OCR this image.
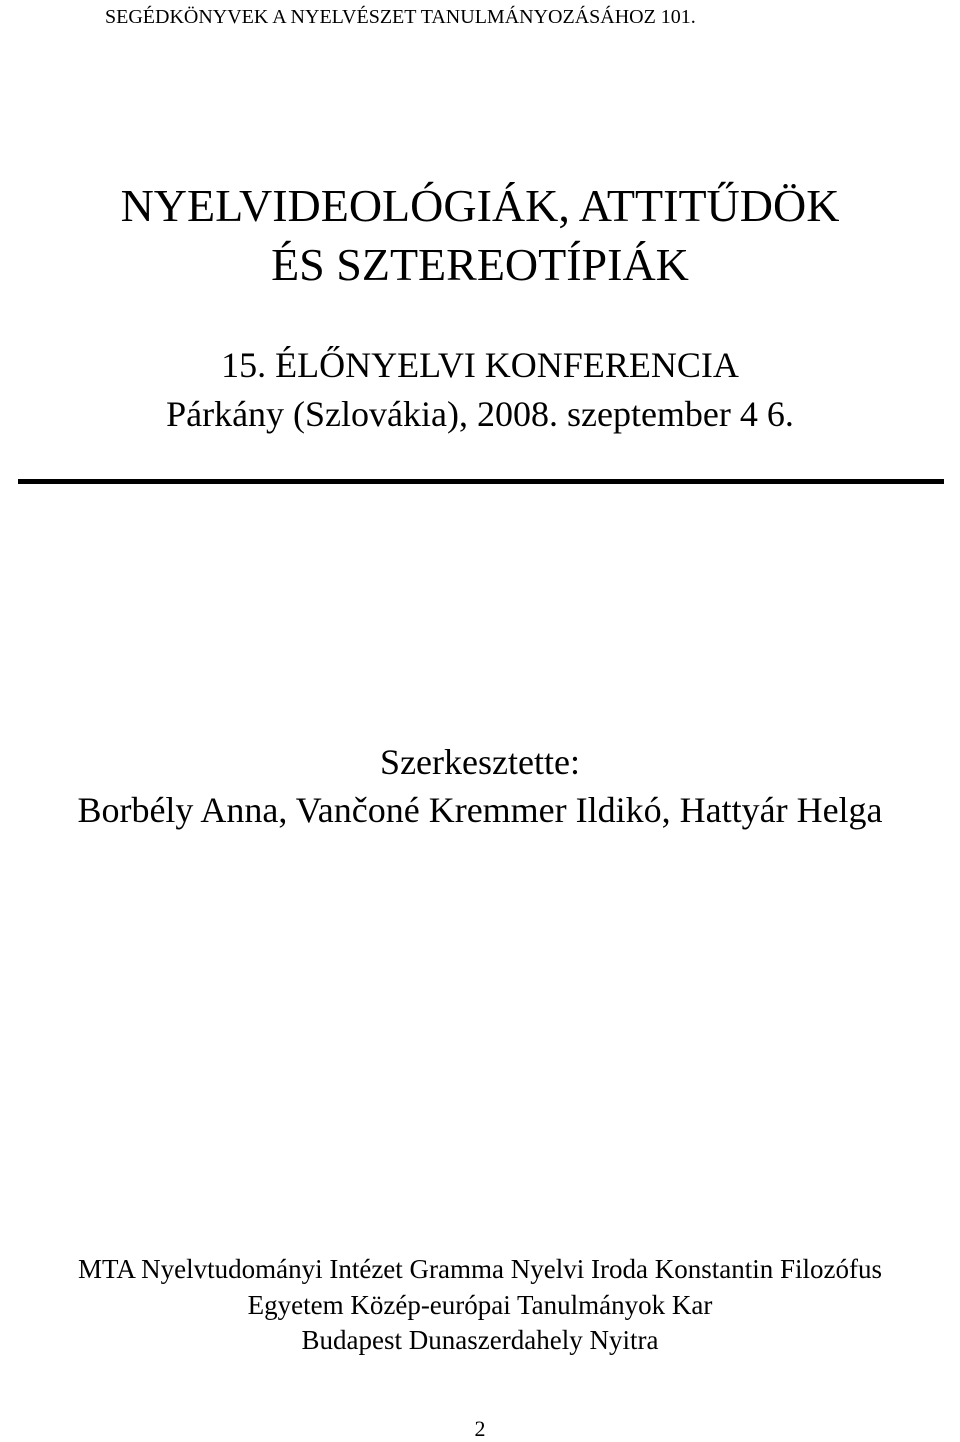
SEGÉDKÖNYVEK A NYELVÉSZET TANULMÁNYOZÁSÁHOZ 101.
NYELVIDEOLÓGIÁK, ATTITŰDÖK
ÉS SZTEREOTÍPIÁK
15. ÉLŐNYELVI KONFERENCIA
Párkány (Szlovákia), 2008. szeptember 4 6.
Szerkesztette:
Borbély Anna, Vančoné Kremmer Ildikó, Hattyár Helga
MTA Nyelvtudományi Intézet Gramma Nyelvi Iroda Konstantin Filozófus
Egyetem Közép-európai Tanulmányok Kar
Budapest Dunaszerdahely Nyitra
2
